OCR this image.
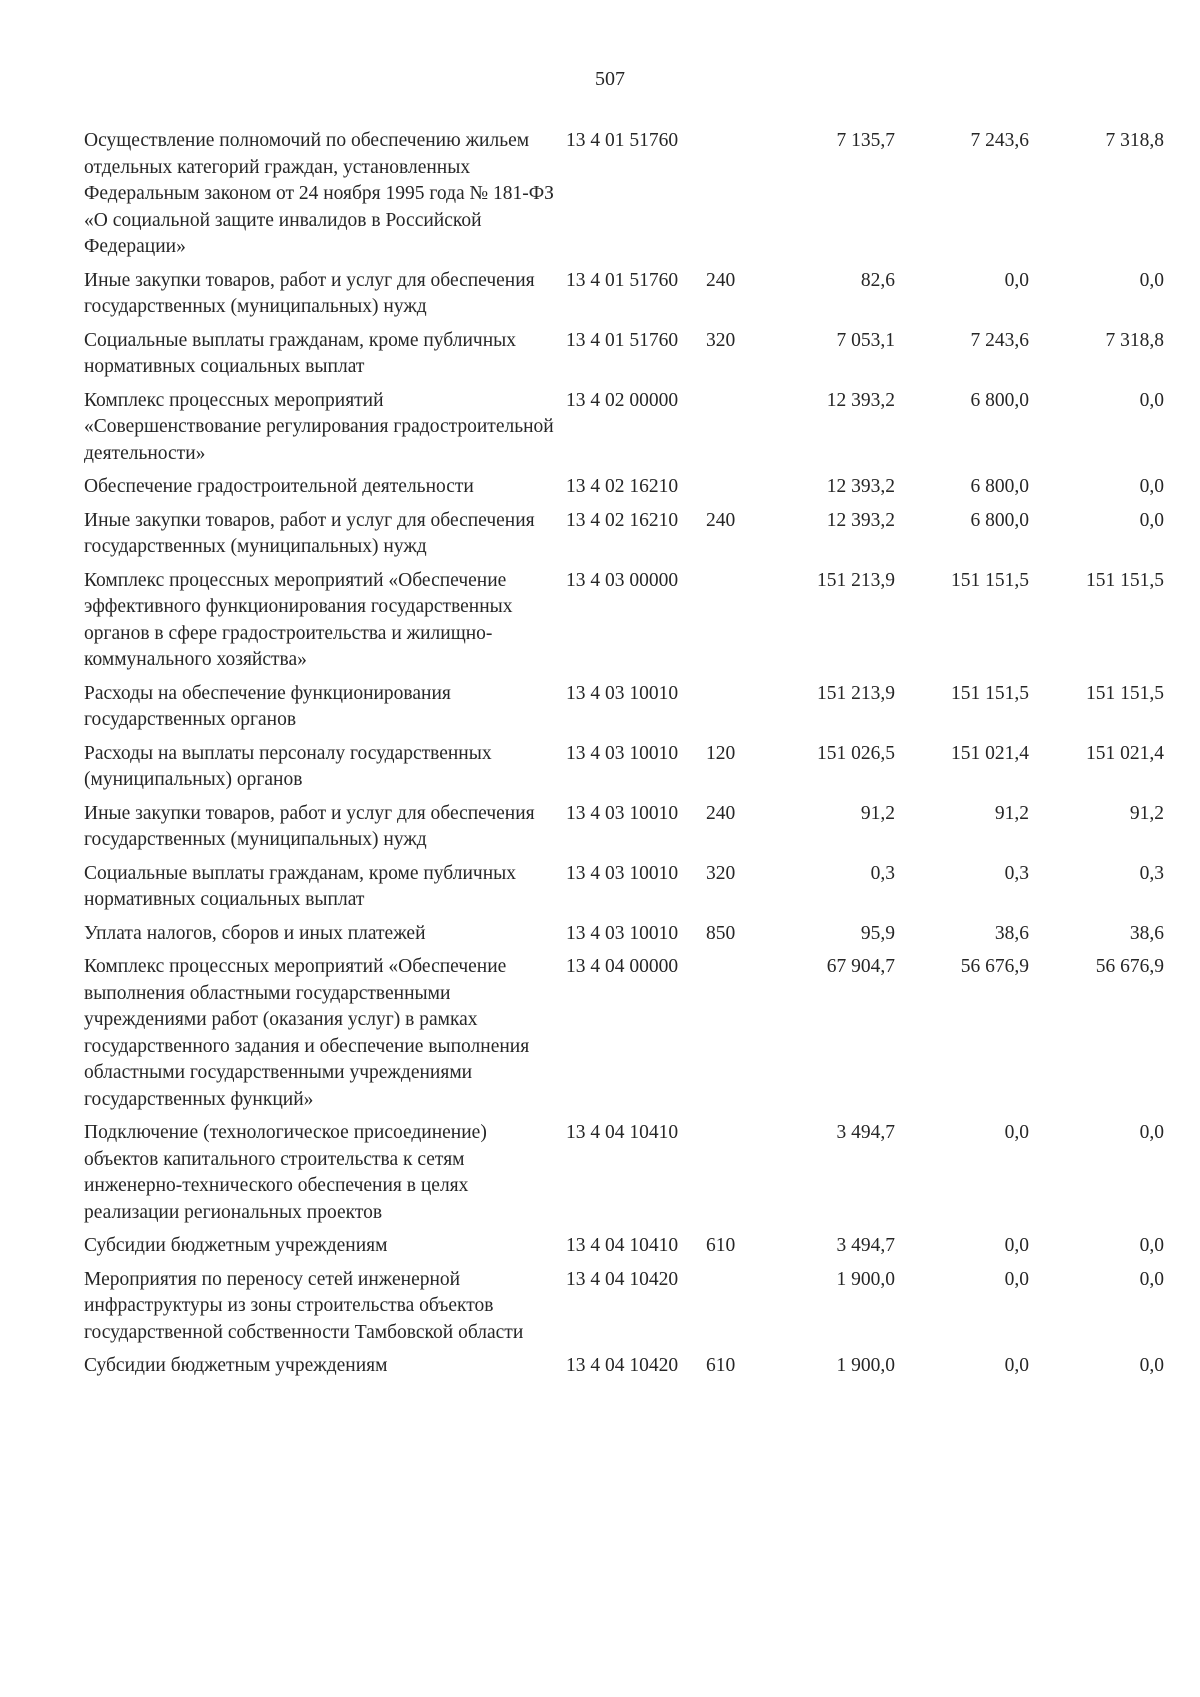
507
Осуществление полномочий по обеспечению жильем отдельных категорий граждан, установленных Федеральным законом от 24 ноября 1995 года № 181-ФЗ «О социальной защите инвалидов в Российской Федерации»	13 4 01 51760		7 135,7	7 243,6	7 318,8
Иные закупки товаров, работ и услуг для обеспечения государственных (муниципальных) нужд	13 4 01 51760	240	82,6	0,0	0,0
Социальные выплаты гражданам, кроме публичных нормативных социальных выплат	13 4 01 51760	320	7 053,1	7 243,6	7 318,8
Комплекс процессных мероприятий «Совершенствование регулирования градостроительной деятельности»	13 4 02 00000		12 393,2	6 800,0	0,0
Обеспечение градостроительной деятельности	13 4 02 16210		12 393,2	6 800,0	0,0
Иные закупки товаров, работ и услуг для обеспечения государственных (муниципальных) нужд	13 4 02 16210	240	12 393,2	6 800,0	0,0
Комплекс процессных мероприятий «Обеспечение эффективного функционирования государственных органов в сфере градостроительства и жилищно-коммунального хозяйства»	13 4 03 00000		151 213,9	151 151,5	151 151,5
Расходы на обеспечение функционирования государственных органов	13 4 03 10010		151 213,9	151 151,5	151 151,5
Расходы на выплаты персоналу государственных (муниципальных) органов	13 4 03 10010	120	151 026,5	151 021,4	151 021,4
Иные закупки товаров, работ и услуг для обеспечения государственных (муниципальных) нужд	13 4 03 10010	240	91,2	91,2	91,2
Социальные выплаты гражданам, кроме публичных нормативных социальных выплат	13 4 03 10010	320	0,3	0,3	0,3
Уплата налогов, сборов и иных платежей	13 4 03 10010	850	95,9	38,6	38,6
Комплекс процессных мероприятий «Обеспечение выполнения областными государственными учреждениями работ (оказания услуг) в рамках государственного задания и обеспечение выполнения областными государственными учреждениями государственных функций»	13 4 04 00000		67 904,7	56 676,9	56 676,9
Подключение (технологическое присоединение) объектов капитального строительства к сетям инженерно-технического обеспечения в целях реализации региональных проектов	13 4 04 10410		3 494,7	0,0	0,0
Субсидии бюджетным учреждениям	13 4 04 10410	610	3 494,7	0,0	0,0
Мероприятия по переносу сетей инженерной инфраструктуры из зоны строительства объектов государственной собственности Тамбовской области	13 4 04 10420		1 900,0	0,0	0,0
Субсидии бюджетным учреждениям	13 4 04 10420	610	1 900,0	0,0	0,0
